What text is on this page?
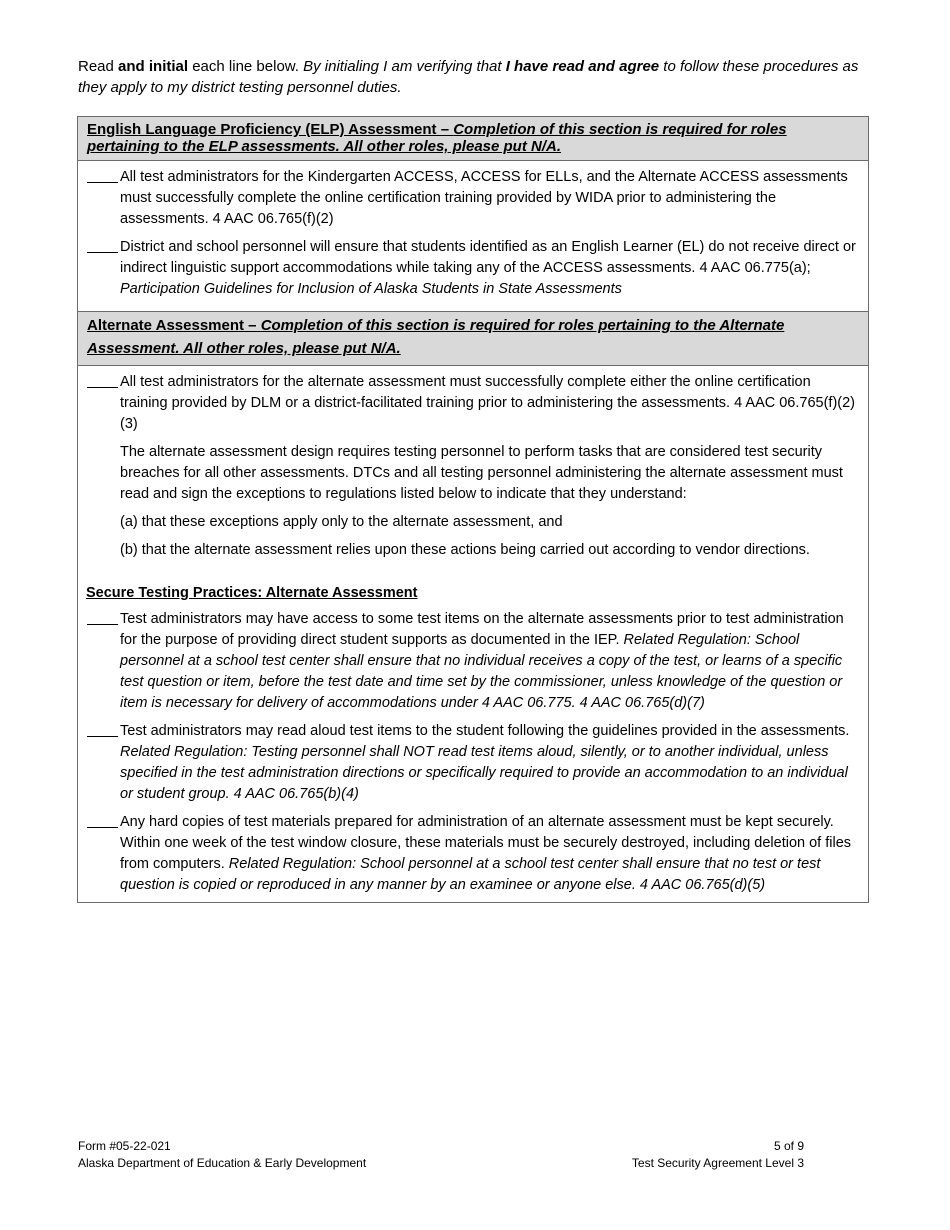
Read and initial each line below. By initialing I am verifying that I have read and agree to follow these procedures as they apply to my district testing personnel duties.
English Language Proficiency (ELP) Assessment – Completion of this section is required for roles pertaining to the ELP assessments. All other roles, please put N/A.
All test administrators for the Kindergarten ACCESS, ACCESS for ELLs, and the Alternate ACCESS assessments must successfully complete the online certification training provided by WIDA prior to administering the assessments. 4 AAC 06.765(f)(2)
District and school personnel will ensure that students identified as an English Learner (EL) do not receive direct or indirect linguistic support accommodations while taking any of the ACCESS assessments. 4 AAC 06.775(a); Participation Guidelines for Inclusion of Alaska Students in State Assessments
Alternate Assessment – Completion of this section is required for roles pertaining to the Alternate Assessment. All other roles, please put N/A.
All test administrators for the alternate assessment must successfully complete either the online certification training provided by DLM or a district-facilitated training prior to administering the assessments. 4 AAC 06.765(f)(2)(3)
The alternate assessment design requires testing personnel to perform tasks that are considered test security breaches for all other assessments. DTCs and all testing personnel administering the alternate assessment must read and sign the exceptions to regulations listed below to indicate that they understand:
(a) that these exceptions apply only to the alternate assessment, and
(b) that the alternate assessment relies upon these actions being carried out according to vendor directions.
Secure Testing Practices: Alternate Assessment
Test administrators may have access to some test items on the alternate assessments prior to test administration for the purpose of providing direct student supports as documented in the IEP. Related Regulation: School personnel at a school test center shall ensure that no individual receives a copy of the test, or learns of a specific test question or item, before the test date and time set by the commissioner, unless knowledge of the question or item is necessary for delivery of accommodations under 4 AAC 06.775. 4 AAC 06.765(d)(7)
Test administrators may read aloud test items to the student following the guidelines provided in the assessments. Related Regulation: Testing personnel shall NOT read test items aloud, silently, or to another individual, unless specified in the test administration directions or specifically required to provide an accommodation to an individual or student group. 4 AAC 06.765(b)(4)
Any hard copies of test materials prepared for administration of an alternate assessment must be kept securely. Within one week of the test window closure, these materials must be securely destroyed, including deletion of files from computers. Related Regulation: School personnel at a school test center shall ensure that no test or test question is copied or reproduced in any manner by an examinee or anyone else. 4 AAC 06.765(d)(5)
Form #05-22-021
Alaska Department of Education & Early Development
5 of 9
Test Security Agreement Level 3
